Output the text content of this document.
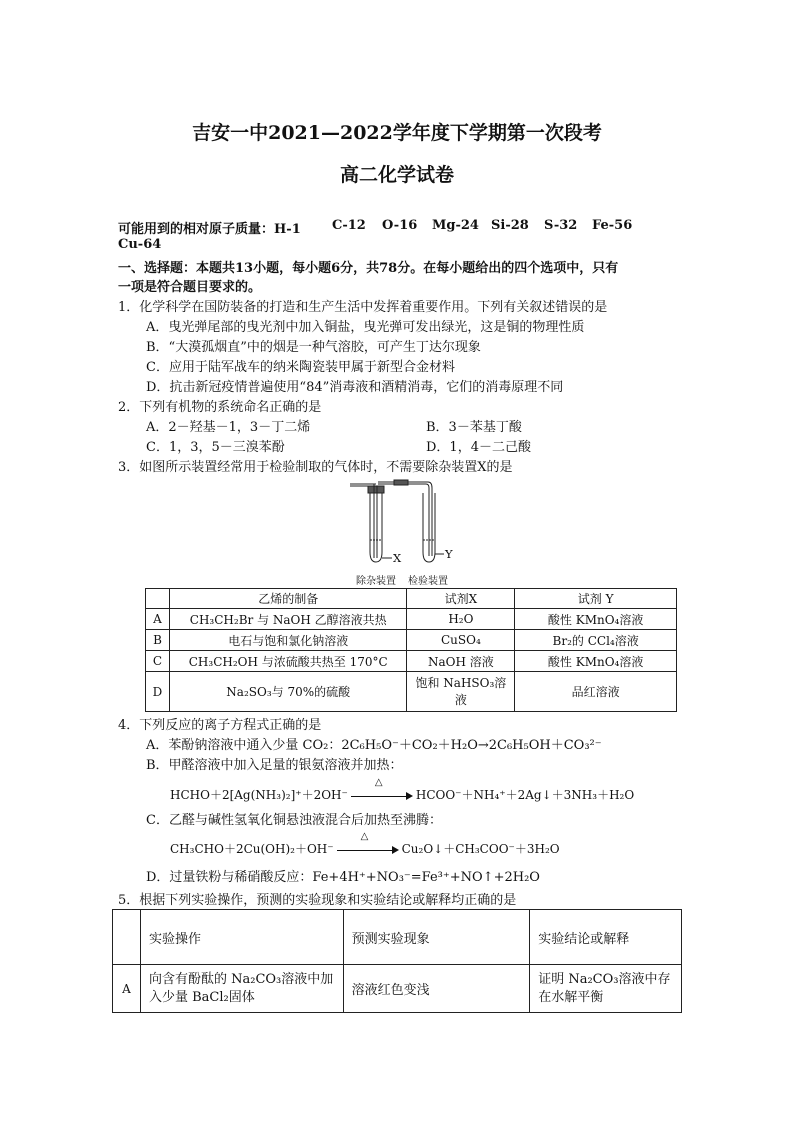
吉安一中2021—2022学年度下学期第一次段考
高二化学试卷
可能用到的相对原子质量：H-1 C-12 O-16 Mg-24 Si-28 S-32 Fe-56
Cu-64
一、选择题：本题共13小题，每小题6分，共78分。在每小题给出的四个选项中，只有
一项是符合题目要求的。
1．化学科学在国防装备的打造和生产生活中发挥着重要作用。下列有关叙述错误的是
A．曳光弹尾部的曳光剂中加入铜盐，曳光弹可发出绿光，这是铜的物理性质
B．“大漠孤烟直”中的烟是一种气溶胶，可产生丁达尔现象
C．应用于陆军战车的纳米陶瓷装甲属于新型合金材料
D．抗击新冠疫情普遍使用“84”消毒液和酒精消毒，它们的消毒原理不同
2．下列有机物的系统命名正确的是
A．2－羟基－1，3－丁二烯	B．3－苯基丁酸
C．1，3，5－三溴苯酚	D．1，4－二己酸
3．如图所示装置经常用于检验制取的气体时，不需要除杂装置X的是
X	Y
除杂装置 检验装置
	乙烯的制备	试剂X	试剂 Y
A	CH₃CH₂Br 与 NaOH 乙醇溶液共热	H₂O	酸性 KMnO₄溶液
B	电石与饱和氯化钠溶液	CuSO₄	Br₂的 CCl₄溶液
C	CH₃CH₂OH 与浓硫酸共热至 170°C	NaOH 溶液	酸性 KMnO₄溶液
D	Na₂SO₃与 70%的硫酸	饱和 NaHSO₃溶液	品红溶液
4．下列反应的离子方程式正确的是
A．苯酚钠溶液中通入少量 CO₂：2C₆H₅O⁻＋CO₂＋H₂O→2C₆H₅OH＋CO₃²⁻
B．甲醛溶液中加入足量的银氨溶液并加热：
HCHO＋2[Ag(NH₃)₂]⁺＋2OH⁻
△
HCOO⁻＋NH₄⁺＋2Ag↓＋3NH₃＋H₂O
C．乙醛与碱性氢氧化铜悬浊液混合后加热至沸腾：
CH₃CHO＋2Cu(OH)₂＋OH⁻
△
Cu₂O↓＋CH₃COO⁻＋3H₂O
D．过量铁粉与稀硝酸反应：Fe+4H⁺+NO₃⁻=Fe³⁺+NO↑+2H₂O
5．根据下列实验操作，预测的实验现象和实验结论或解释均正确的是
	实验操作	预测实验现象	实验结论或解释
A	向含有酚酞的 Na₂CO₃溶液中加入少量 BaCl₂固体	溶液红色变浅	证明 Na₂CO₃溶液中存在水解平衡
